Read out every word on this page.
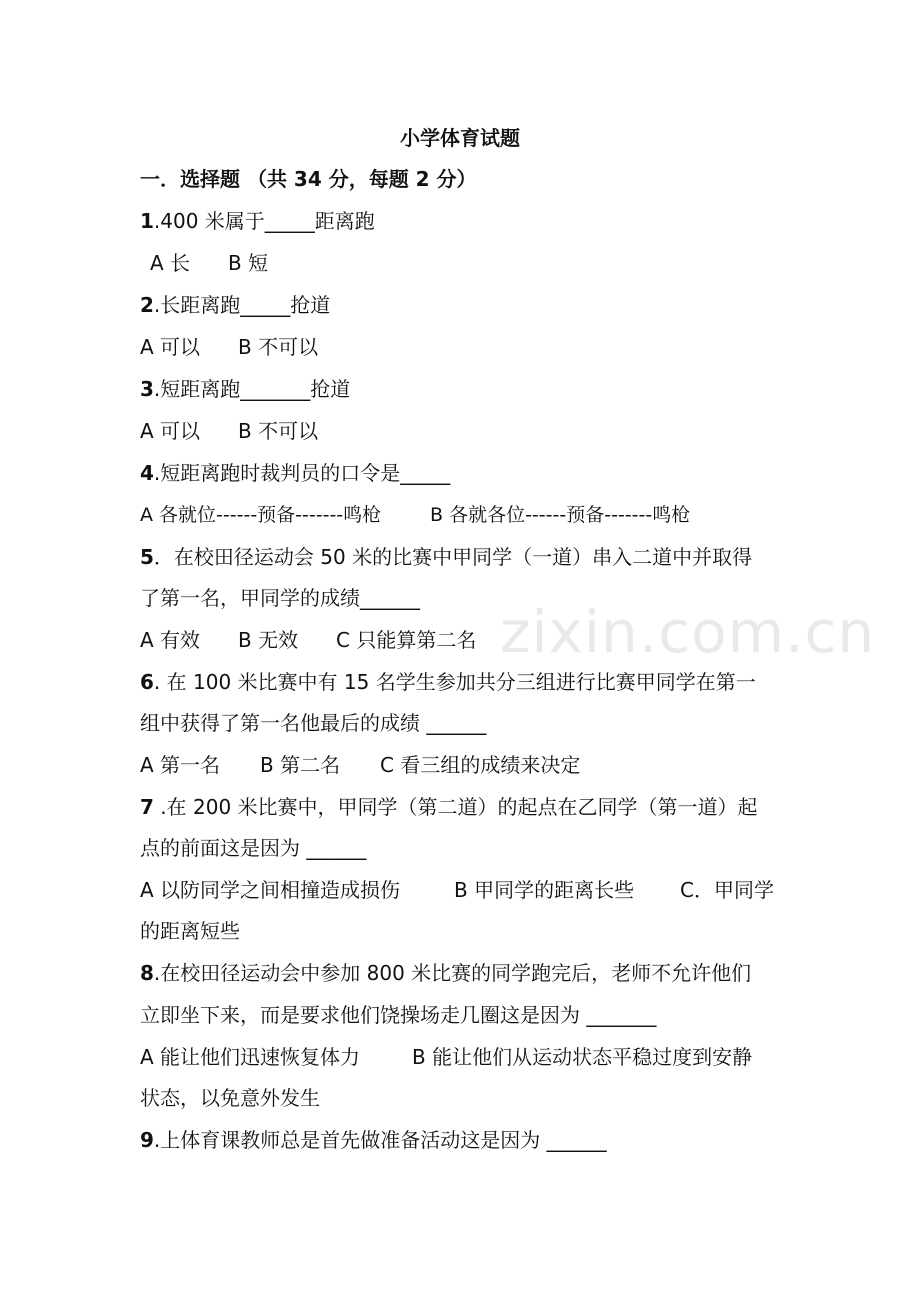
zixin.com.cn
小学体育试题
一．选择题 （共 34 分，每题 2 分）
1.400 米属于_____距离跑
A 长 B 短
2.长距离跑_____抢道
A 可以 B 不可以
3.短距离跑_______抢道
A 可以 B 不可以
4.短距离跑时裁判员的口令是_____
A 各就位------预备-------鸣枪	B 各就各位------预备-------鸣枪
5．在校田径运动会 50 米的比赛中甲同学（一道）串入二道中并取得
了第一名，甲同学的成绩______
A 有效 B 无效 C 只能算第二名
6. 在 100 米比赛中有 15 名学生参加共分三组进行比赛甲同学在第一
组中获得了第一名他最后的成绩 ______
A 第一名 B 第二名 C 看三组的成绩来决定
7 .在 200 米比赛中，甲同学（第二道）的起点在乙同学（第一道）起
点的前面这是因为 ______
A 以防同学之间相撞造成损伤	B 甲同学的距离长些 C．甲同学
的距离短些
8.在校田径运动会中参加 800 米比赛的同学跑完后，老师不允许他们
立即坐下来，而是要求他们饶操场走几圈这是因为 _______
A 能让他们迅速恢复体力	B 能让他们从运动状态平稳过度到安静
状态，以免意外发生
9.上体育课教师总是首先做准备活动这是因为 ______
